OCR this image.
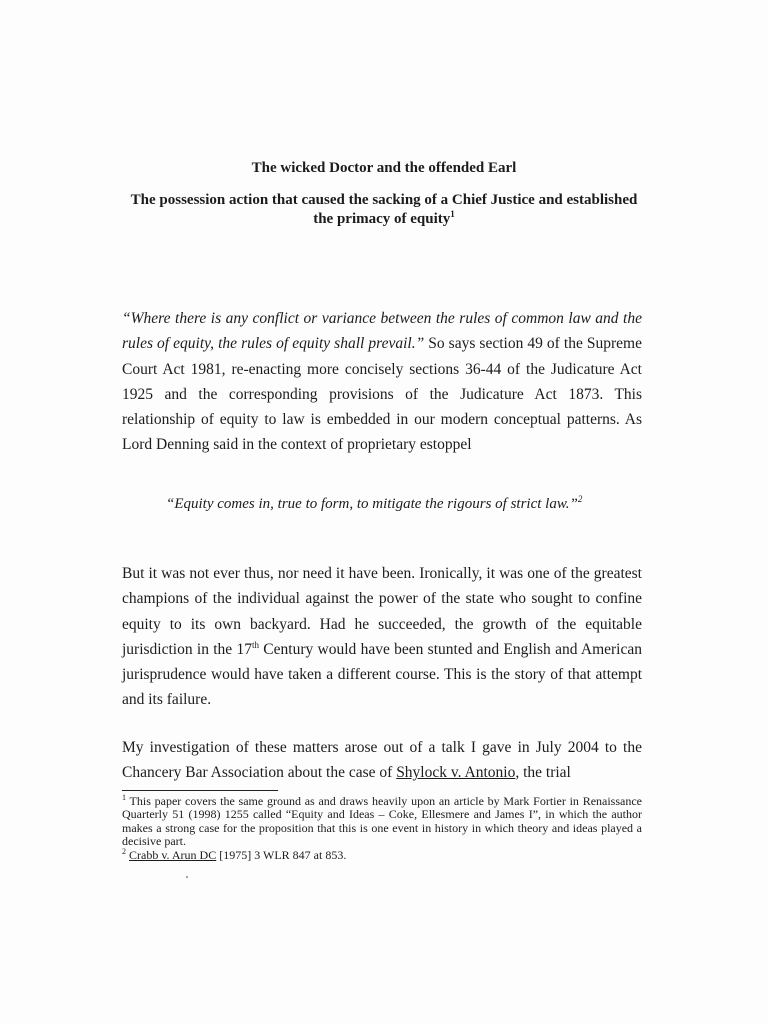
The wicked Doctor and the offended Earl
The possession action that caused the sacking of a Chief Justice and established the primacy of equity$^1$
“Where there is any conflict or variance between the rules of common law and the rules of equity, the rules of equity shall prevail.” So says section 49 of the Supreme Court Act 1981, re-enacting more concisely sections 36-44 of the Judicature Act 1925 and the corresponding provisions of the Judicature Act 1873. This relationship of equity to law is embedded in our modern conceptual patterns. As Lord Denning said in the context of proprietary estoppel
“Equity comes in, true to form, to mitigate the rigours of strict law.”$^2$
But it was not ever thus, nor need it have been. Ironically, it was one of the greatest champions of the individual against the power of the state who sought to confine equity to its own backyard. Had he succeeded, the growth of the equitable jurisdiction in the 17th Century would have been stunted and English and American jurisprudence would have taken a different course. This is the story of that attempt and its failure.
My investigation of these matters arose out of a talk I gave in July 2004 to the Chancery Bar Association about the case of Shylock v. Antonio, the trial

$^1$ This paper covers the same ground as and draws heavily upon an article by Mark Fortier in Renaissance Quarterly 51 (1998) 1255 called “Equity and Ideas – Coke, Ellesmere and James I”, in which the author makes a strong case for the proposition that this is one event in history in which theory and ideas played a decisive part.

$^2$ Crabb v. Arun DC [1975] 3 WLR 847 at 853.
